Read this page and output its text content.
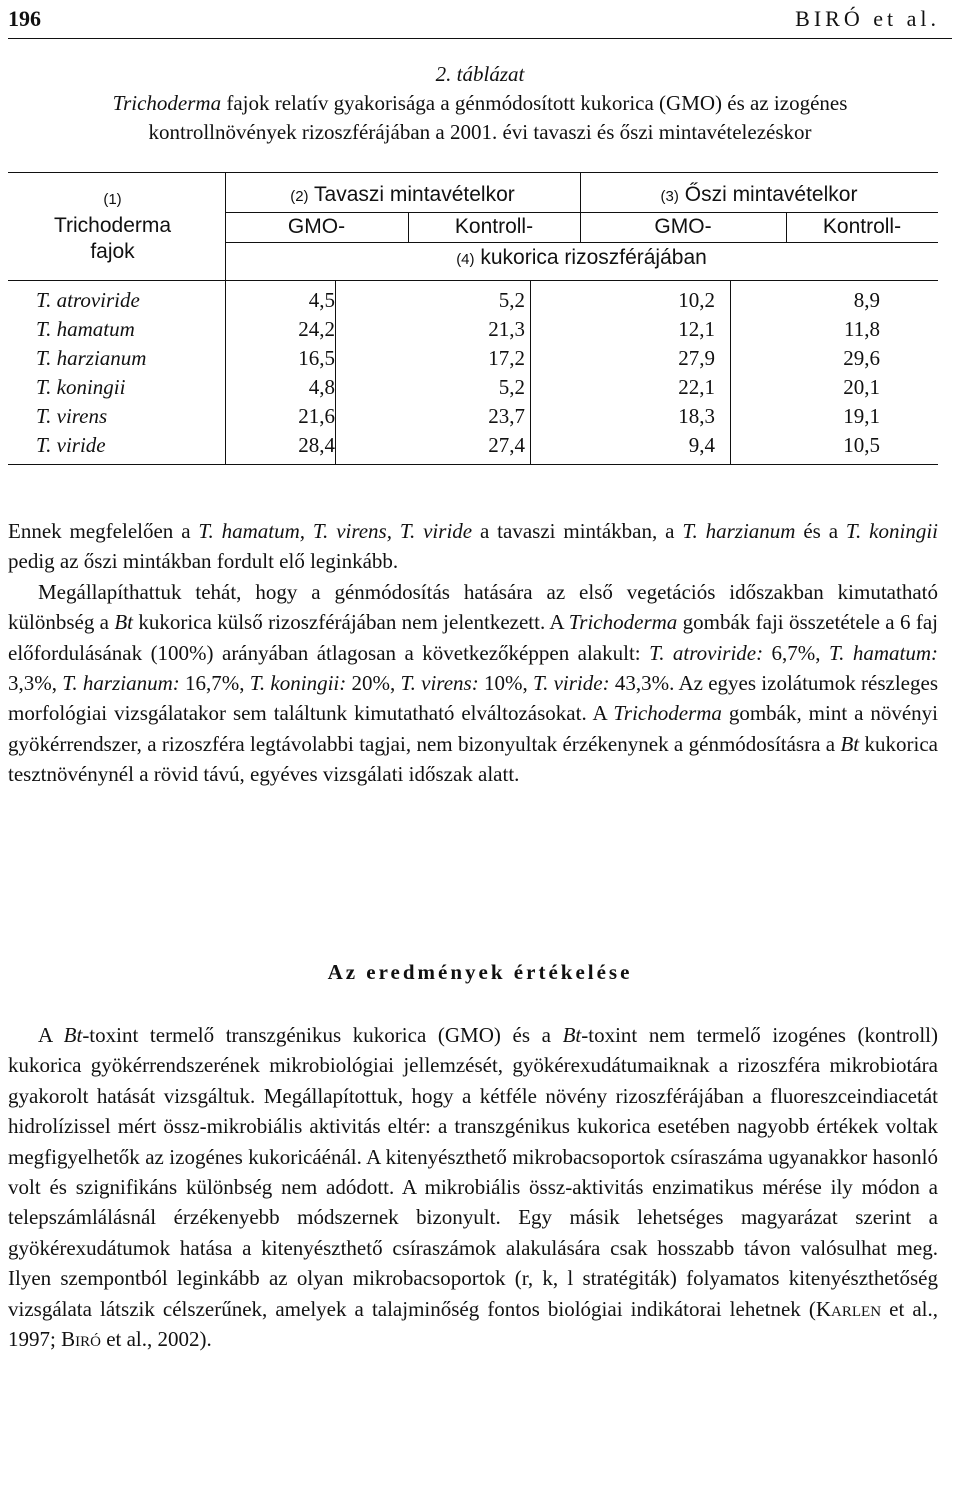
196	BIRÓ et al.
2. táblázat
Trichoderma fajok relatív gyakorisága a génmódosított kukorica (GMO) és az izogénes
kontrollnövények rizoszférájában a 2001. évi tavaszi és őszi mintavételezéskor
(1)
Trichoderma
fajok
(2) Tavaszi mintavételkor	(3) Őszi mintavételkor
GMO-	Kontroll-	GMO-	Kontroll-
(4) kukorica rizoszférájában
T. atroviride	4,5	5,2	10,2	8,9
T. hamatum	24,2	21,3	12,1	11,8
T. harzianum	16,5	17,2	27,9	29,6
T. koningii	4,8	5,2	22,1	20,1
T. virens	21,6	23,7	18,3	19,1
T. viride	28,4	27,4	9,4	10,5
Ennek megfelelően a T. hamatum, T. virens, T. viride a tavaszi mintákban, a T. harzianum és a T. koningii pedig az őszi mintákban fordult elő leginkább.
Megállapíthattuk tehát, hogy a génmódosítás hatására az első vegetációs időszakban kimutatható különbség a Bt kukorica külső rizoszférájában nem jelentkezett. A Trichoderma gombák faji összetétele a 6 faj előfordulásának (100%) arányában átlagosan a következőképpen alakult: T. atroviride: 6,7%, T. hamatum: 3,3%, T. harzianum: 16,7%, T. koningii: 20%, T. virens: 10%, T. viride: 43,3%. Az egyes izolátumok részleges morfológiai vizsgálatakor sem találtunk kimutatható elváltozásokat. A Trichoderma gombák, mint a növényi gyökérrendszer, a rizoszféra legtávolabbi tagjai, nem bizonyultak érzékenynek a génmódosításra a Bt kukorica tesztnövénynél a rövid távú, egyéves vizsgálati időszak alatt.
Az eredmények értékelése
A Bt-toxint termelő transzgénikus kukorica (GMO) és a Bt-toxint nem termelő izogénes (kontroll) kukorica gyökérrendszerének mikrobiológiai jellemzését, gyökérexudátumaiknak a rizoszféra mikrobiotára gyakorolt hatását vizsgáltuk. Megállapítottuk, hogy a kétféle növény rizoszférájában a fluoreszceindiacetát hidrolízissel mért össz-mikrobiális aktivitás eltér: a transzgénikus kukorica esetében nagyobb értékek voltak megfigyelhetők az izogénes kukoricáénál. A kitenyészthető mikrobacsoportok csíraszáma ugyanakkor hasonló volt és szignifikáns különbség nem adódott. A mikrobiális össz-aktivitás enzimatikus mérése ily módon a telepszámlálásnál érzékenyebb módszernek bizonyult. Egy másik lehetséges magyarázat szerint a gyökérexudátumok hatása a kitenyészthető csíraszámok alakulására csak hosszabb távon valósulhat meg. Ilyen szempontból leginkább az olyan mikrobacsoportok (r, k, l stratégiták) folyamatos kitenyészthetőség vizsgálata látszik célszerűnek, amelyek a talajminőség fontos biológiai indikátorai lehetnek (Karlen et al., 1997; Biró et al., 2002).
